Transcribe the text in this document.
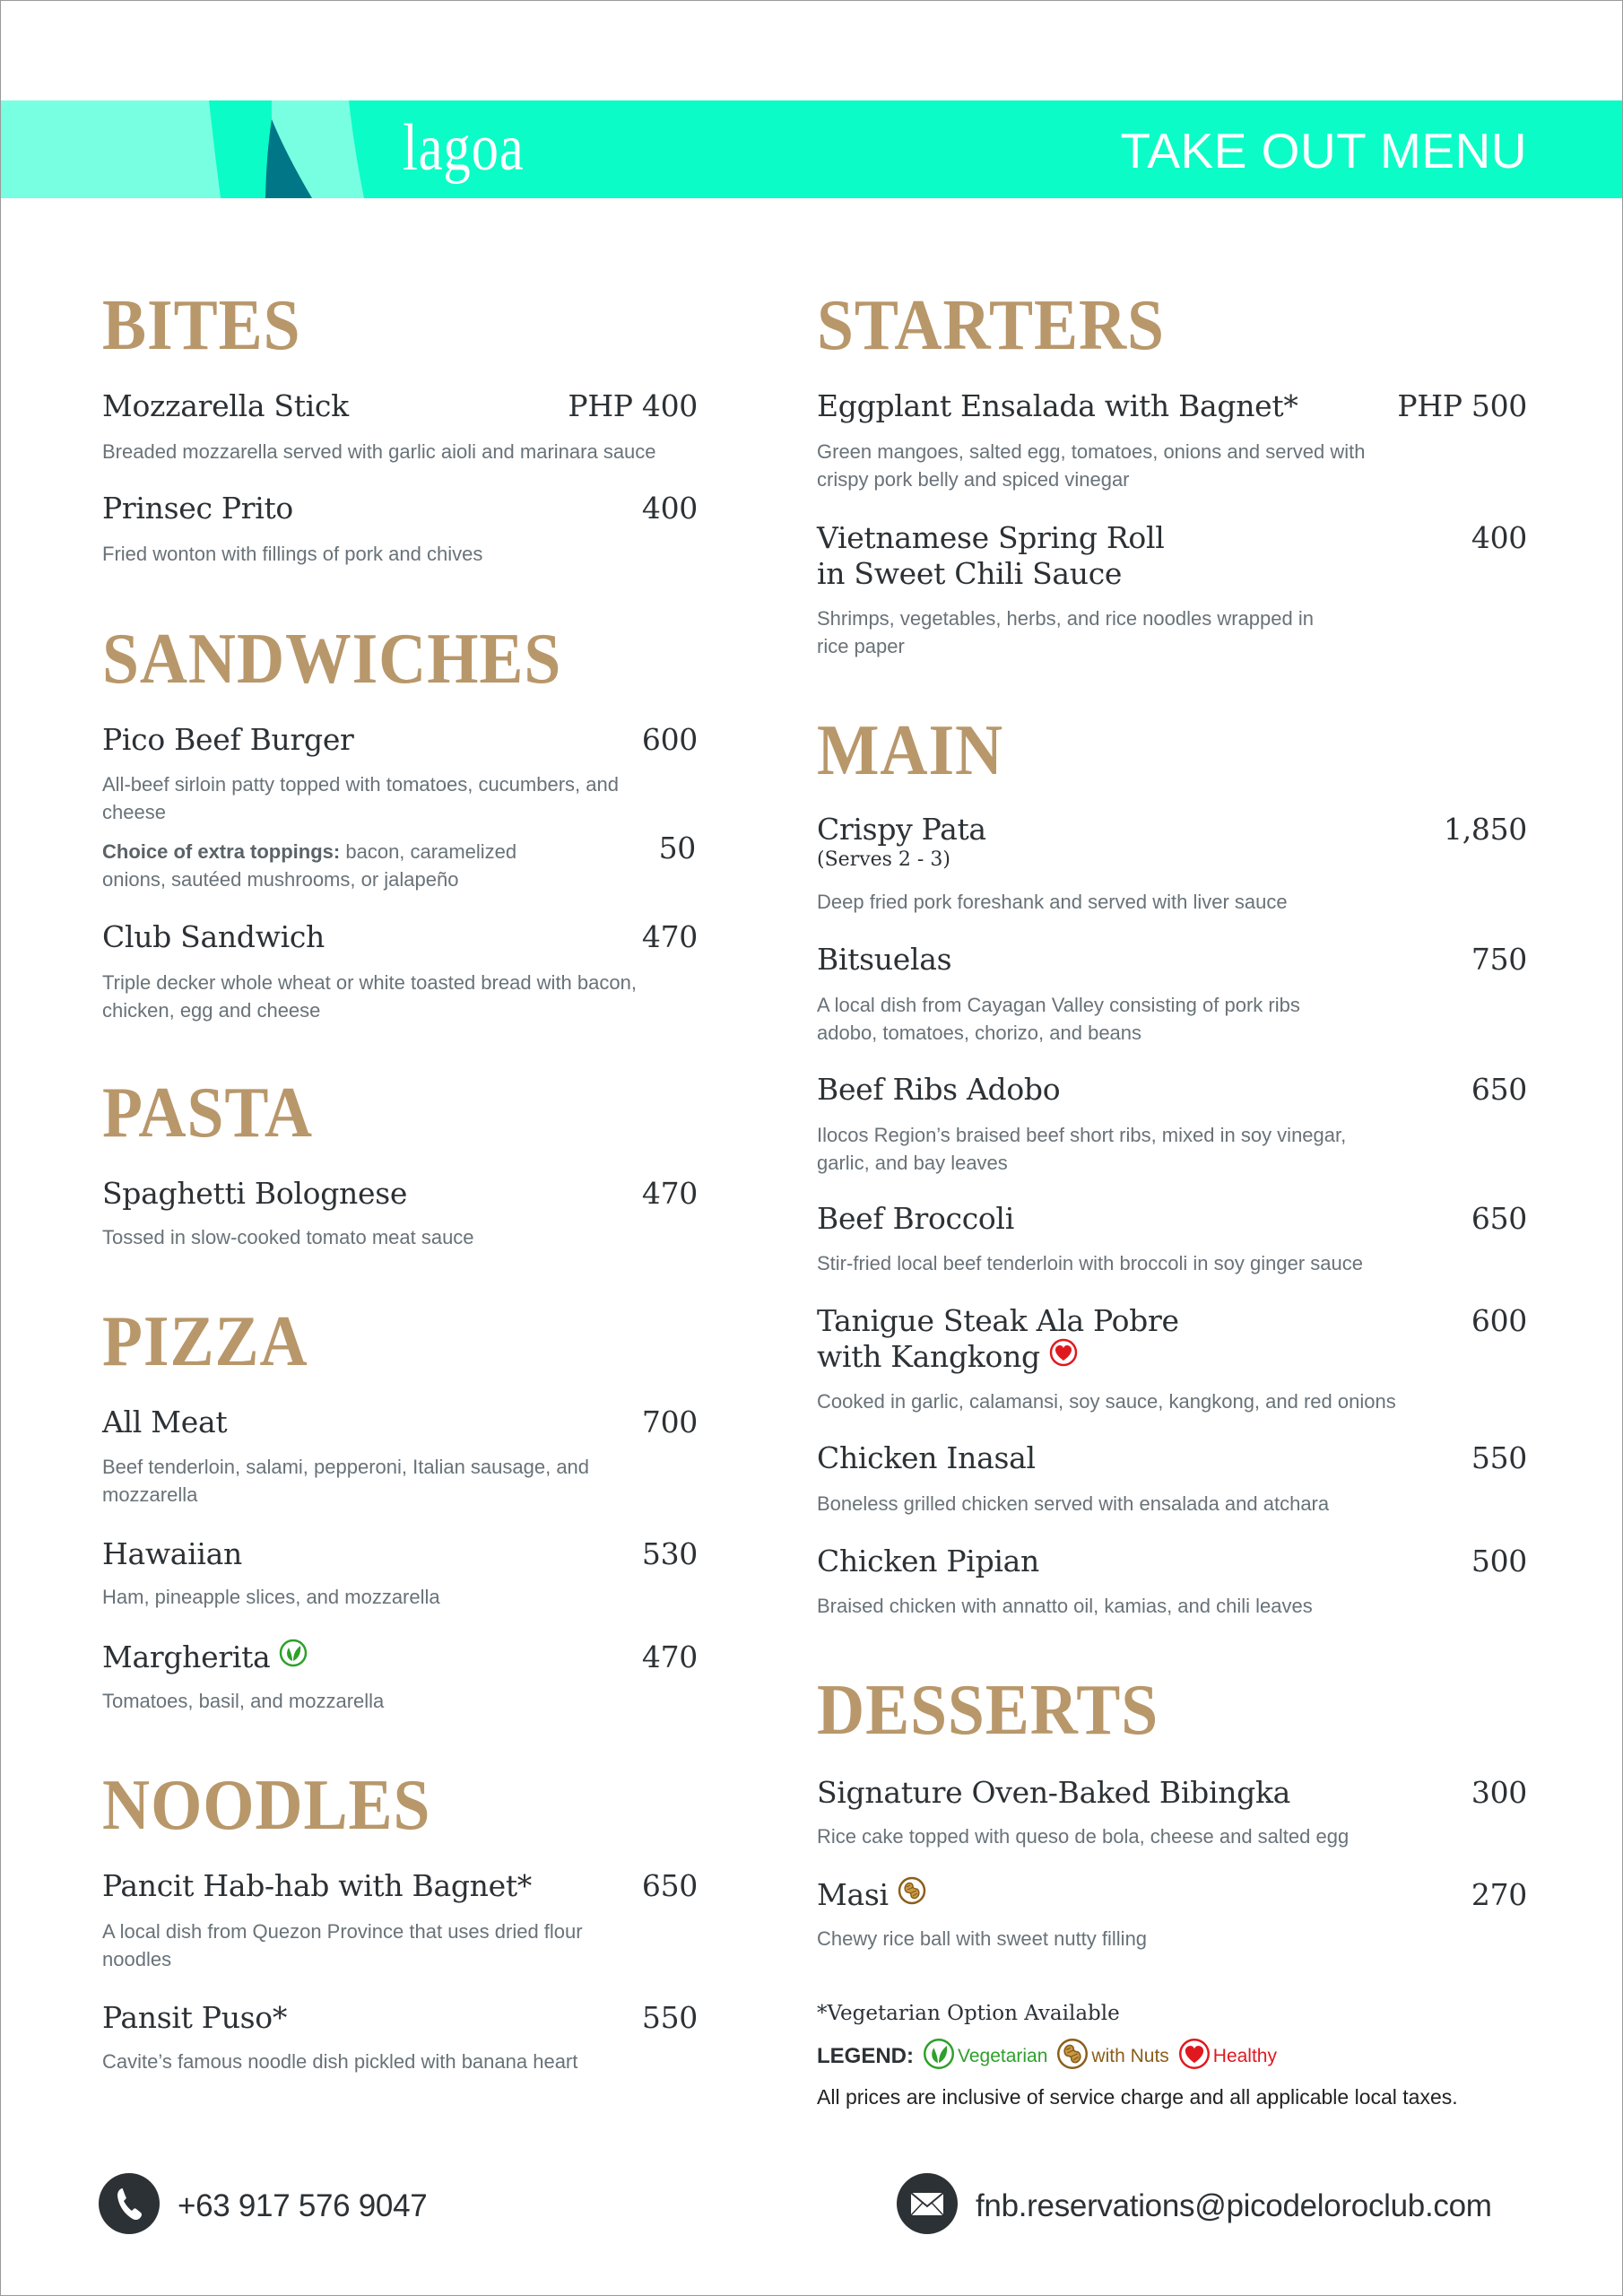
lagoa	TAKE OUT MENU
BITES
Mozzarella Stick	PHP 400
Breaded mozzarella served with garlic aioli and marinara sauce
Prinsec Prito	400
Fried wonton with fillings of pork and chives
SANDWICHES
Pico Beef Burger	600
All-beef sirloin patty topped with tomatoes, cucumbers, and cheese
Choice of extra toppings: bacon, caramelized onions, sautéed mushrooms, or jalapeño
50
Club Sandwich	470
Triple decker whole wheat or white toasted bread with bacon, chicken, egg and cheese
PASTA
Spaghetti Bolognese	470
Tossed in slow-cooked tomato meat sauce
PIZZA
All Meat	700
Beef tenderloin, salami, pepperoni, Italian sausage, and mozzarella
Hawaiian	530
Ham, pineapple slices, and mozzarella
Margherita	470
Tomatoes, basil, and mozzarella
NOODLES
Pancit Hab-hab with Bagnet*	650
A local dish from Quezon Province that uses dried flour noodles
Pansit Puso*	550
Cavite’s famous noodle dish pickled with banana heart
STARTERS
Eggplant Ensalada with Bagnet*	PHP 500
Green mangoes, salted egg, tomatoes, onions and served with crispy pork belly and spiced vinegar
Vietnamese Spring Roll
in Sweet Chili Sauce
400
Shrimps, vegetables, herbs, and rice noodles wrapped in rice paper
MAIN
Crispy Pata
(Serves 2 - 3)
1,850
Deep fried pork foreshank and served with liver sauce
Bitsuelas	750
A local dish from Cayagan Valley consisting of pork ribs adobo, tomatoes, chorizo, and beans
Beef Ribs Adobo	650
Ilocos Region’s braised beef short ribs, mixed in soy vinegar, garlic, and bay leaves
Beef Broccoli	650
Stir-fried local beef tenderloin with broccoli in soy ginger sauce
Tanigue Steak Ala Pobre
with Kangkong
600
Cooked in garlic, calamansi, soy sauce, kangkong, and red onions
Chicken Inasal	550
Boneless grilled chicken served with ensalada and atchara
Chicken Pipian	500
Braised chicken with annatto oil, kamias, and chili leaves
DESSERTS
Signature Oven-Baked Bibingka	300
Rice cake topped with queso de bola, cheese and salted egg
Masi	270
Chewy rice ball with sweet nutty filling
*Vegetarian Option Available
LEGEND: Vegetarian with Nuts Healthy
All prices are inclusive of service charge and all applicable local taxes.
+63 917 576 9047	fnb.reservations@picodeloroclub.com
